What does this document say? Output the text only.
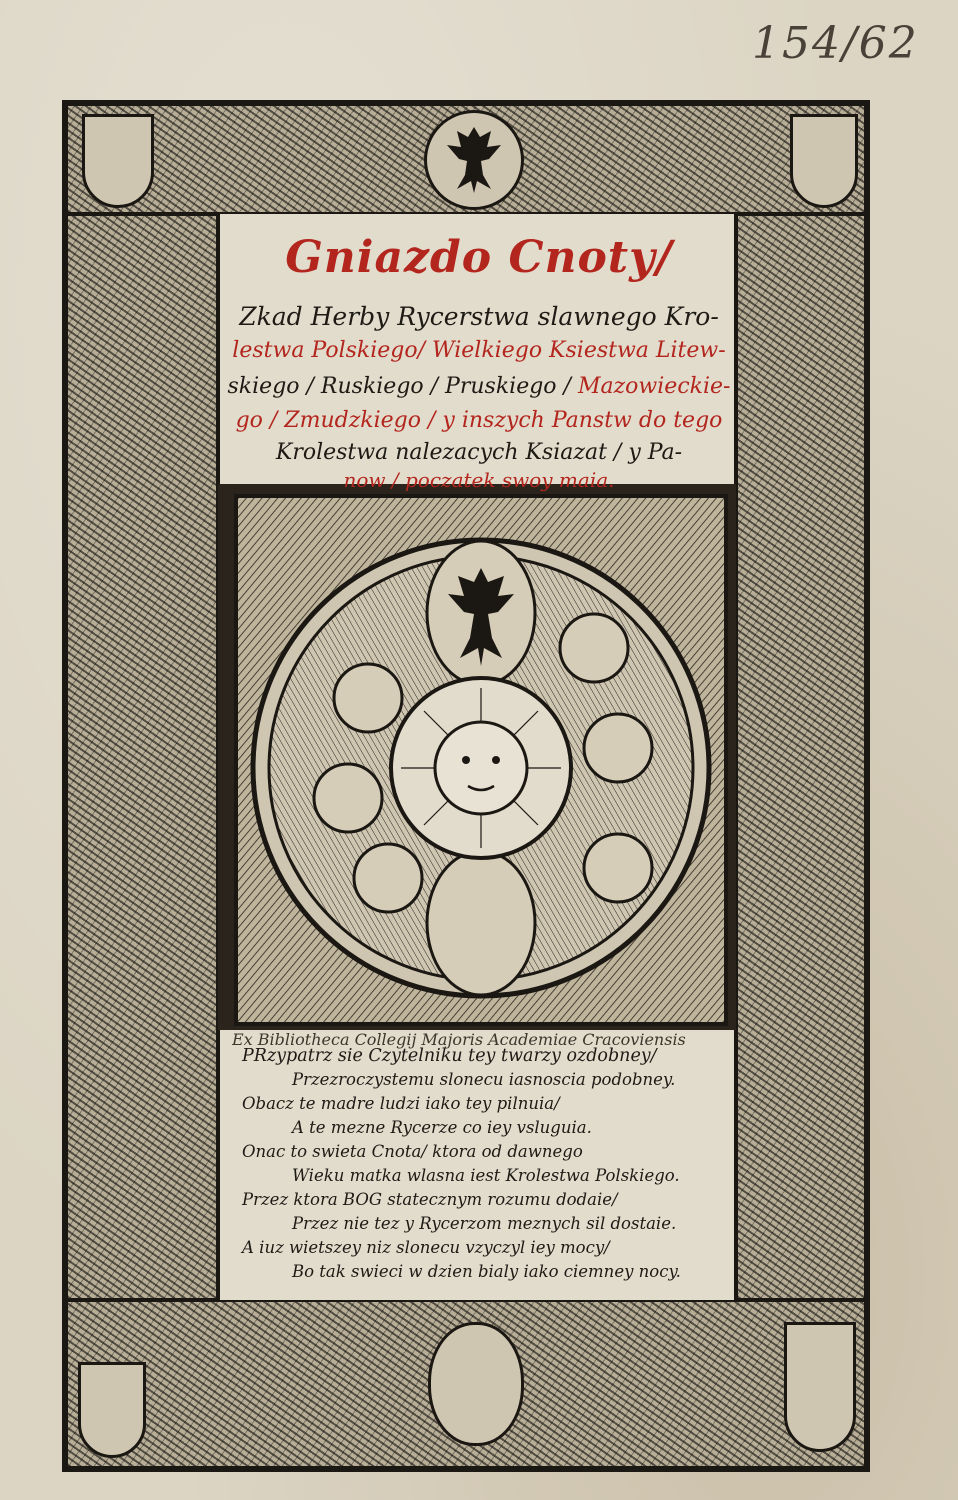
154/62
Gniazdo Cnoty/
Zkad Herby Rycerstwa slawnego Kro-
lestwa Polskiego/ Wielkiego Ksiestwa Litew-
skiego / Ruskiego / Pruskiego / Mazowieckie-
go / Zmudzkiego / y inszych Panstw do tego
Krolestwa nalezacych Ksiazat / y Pa-
now / poczatek swoy maia.
Ex Bibliotheca Collegij Majoris Academiae Cracoviensis
PRzypatrz sie Czytelniku tey twarzy ozdobney/
Przezroczystemu slonecu iasnoscia podobney.
Obacz te madre ludzi iako tey pilnuia/
A te mezne Rycerze co iey vsluguia.
Onac to swieta Cnota/ ktora od dawnego
Wieku matka wlasna iest Krolestwa Polskiego.
Przez ktora BOG statecznym rozumu dodaie/
Przez nie tez y Rycerzom meznych sil dostaie.
A iuz wietszey niz slonecu vzyczyl iey mocy/
Bo tak swieci w dzien bialy iako ciemney nocy.
